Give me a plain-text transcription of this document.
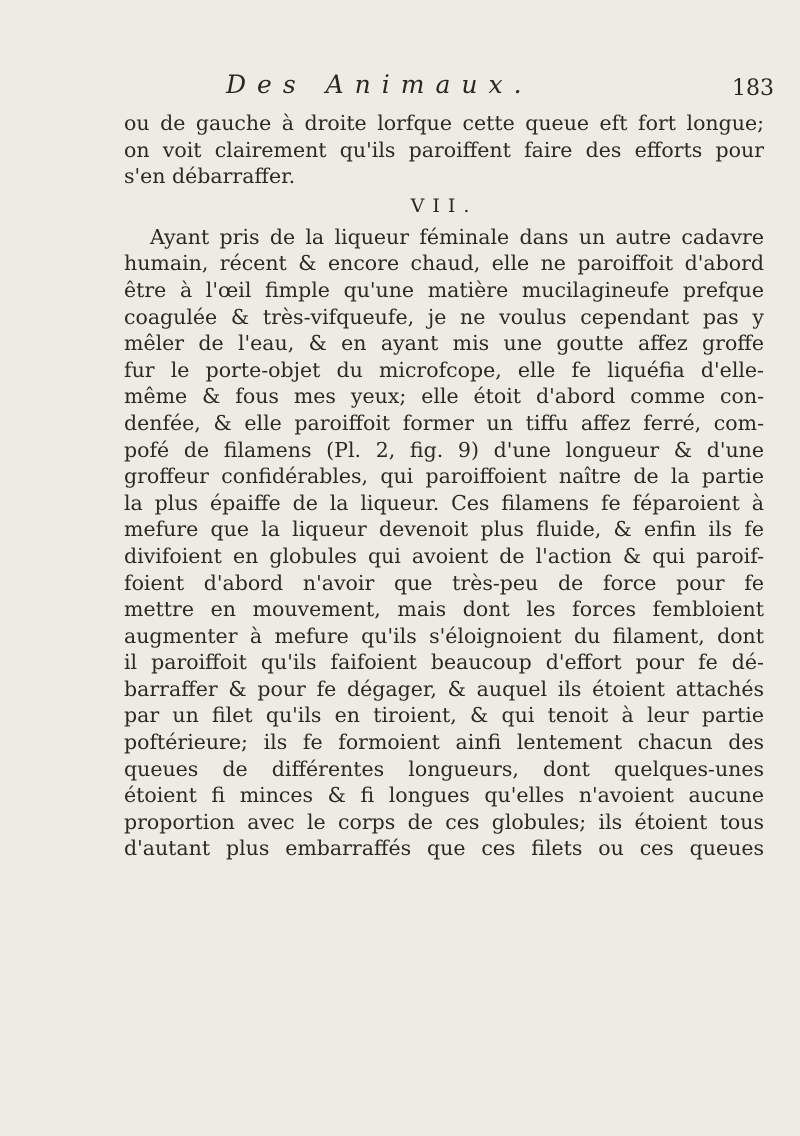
Des Animaux.	183
ou de gauche à droite lorfque cette queue eft fort longue;
on voit clairement qu'ils paroiffent faire des efforts pour
s'en débarraffer.
VII.
Ayant pris de la liqueur féminale dans un autre cadavre
humain, récent & encore chaud, elle ne paroiffoit d'abord
être à l'œil fimple qu'une matière mucilagineufe prefque
coagulée & très-vifqueufe, je ne voulus cependant pas y
mêler de l'eau, & en ayant mis une goutte affez groffe
fur le porte-objet du microfcope, elle fe liquéfia d'elle-
même & fous mes yeux; elle étoit d'abord comme con-
denfée, & elle paroiffoit former un tiffu affez ferré, com-
pofé de filamens (Pl. 2, fig. 9) d'une longueur & d'une
groffeur confidérables, qui paroiffoient naître de la partie
la plus épaiffe de la liqueur. Ces filamens fe féparoient à
mefure que la liqueur devenoit plus fluide, & enfin ils fe
divifoient en globules qui avoient de l'action & qui paroif-
foient d'abord n'avoir que très-peu de force pour fe
mettre en mouvement, mais dont les forces fembloient
augmenter à mefure qu'ils s'éloignoient du filament, dont
il paroiffoit qu'ils faifoient beaucoup d'effort pour fe dé-
barraffer & pour fe dégager, & auquel ils étoient attachés
par un filet qu'ils en tiroient, & qui tenoit à leur partie
poftérieure; ils fe formoient ainfi lentement chacun des
queues de différentes longueurs, dont quelques-unes
étoient fi minces & fi longues qu'elles n'avoient aucune
proportion avec le corps de ces globules; ils étoient tous
d'autant plus embarraffés que ces filets ou ces queues
